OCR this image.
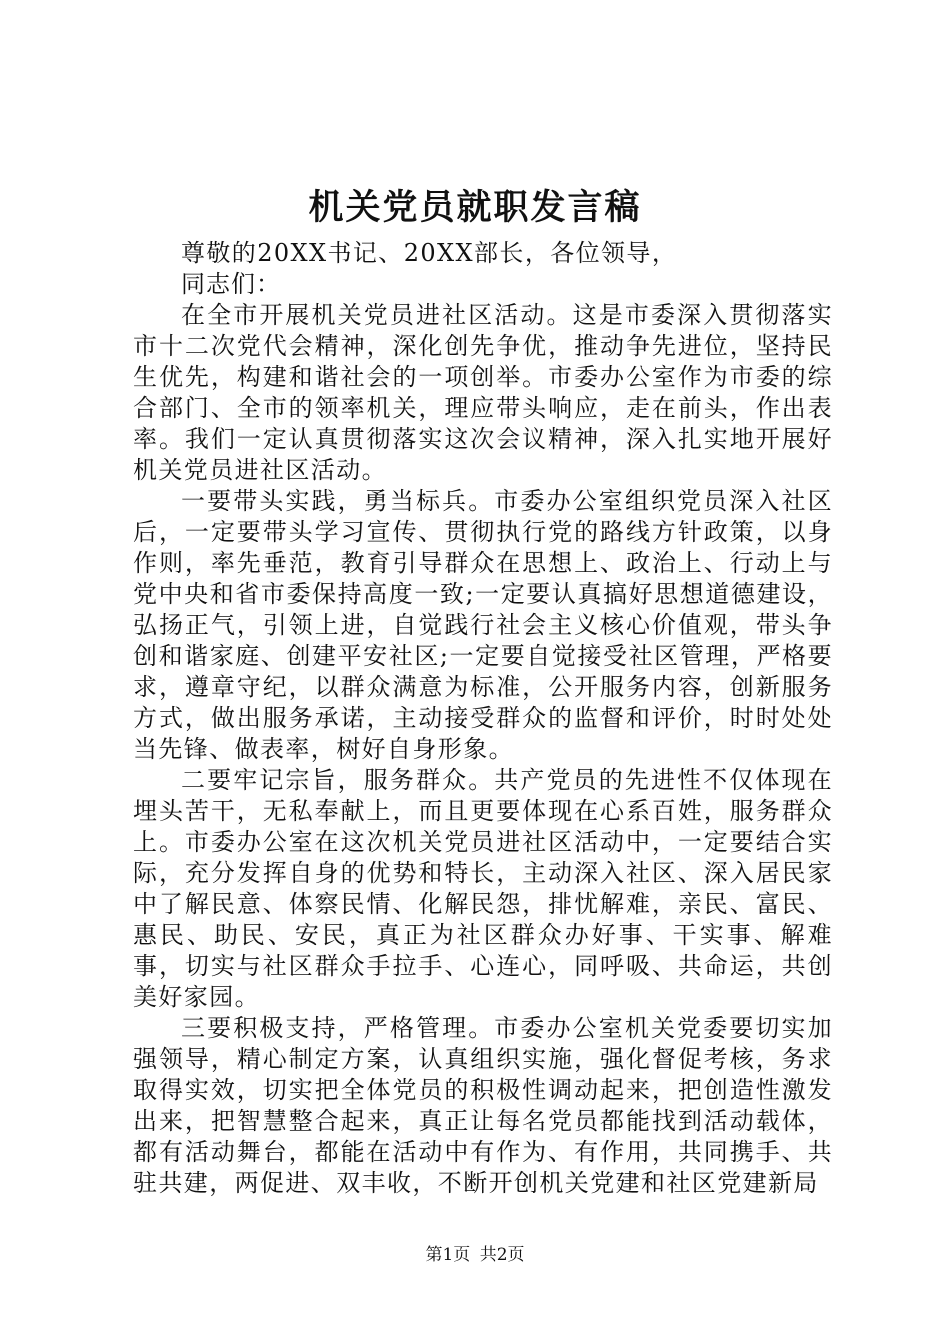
机关党员就职发言稿

尊敬的20XX书记、20XX部长，各位领导，

同志们：

在全市开展机关党员进社区活动。这是市委深入贯彻落实市十二次党代会精神，深化创先争优，推动争先进位，坚持民生优先，构建和谐社会的一项创举。市委办公室作为市委的综合部门、全市的领率机关，理应带头响应，走在前头，作出表率。我们一定认真贯彻落实这次会议精神，深入扎实地开展好机关党员进社区活动。

一要带头实践，勇当标兵。市委办公室组织党员深入社区后，一定要带头学习宣传、贯彻执行党的路线方针政策，以身作则，率先垂范，教育引导群众在思想上、政治上、行动上与党中央和省市委保持高度一致;一定要认真搞好思想道德建设，弘扬正气，引领上进，自觉践行社会主义核心价值观，带头争创和谐家庭、创建平安社区;一定要自觉接受社区管理，严格要求，遵章守纪，以群众满意为标准，公开服务内容，创新服务方式，做出服务承诺，主动接受群众的监督和评价，时时处处当先锋、做表率，树好自身形象。

二要牢记宗旨，服务群众。共产党员的先进性不仅体现在埋头苦干，无私奉献上，而且更要体现在心系百姓，服务群众上。市委办公室在这次机关党员进社区活动中，一定要结合实际，充分发挥自身的优势和特长，主动深入社区、深入居民家中了解民意、体察民情、化解民怨，排忧解难，亲民、富民、惠民、助民、安民，真正为社区群众办好事、干实事、解难事，切实与社区群众手拉手、心连心，同呼吸、共命运，共创美好家园。

三要积极支持，严格管理。市委办公室机关党委要切实加强领导，精心制定方案，认真组织实施，强化督促考核，务求取得实效，切实把全体党员的积极性调动起来，把创造性激发出来，把智慧整合起来，真正让每名党员都能找到活动载体，都有活动舞台，都能在活动中有作为、有作用，共同携手、共驻共建，两促进、双丰收，不断开创机关党建和社区党建新局

第1页 共2页
